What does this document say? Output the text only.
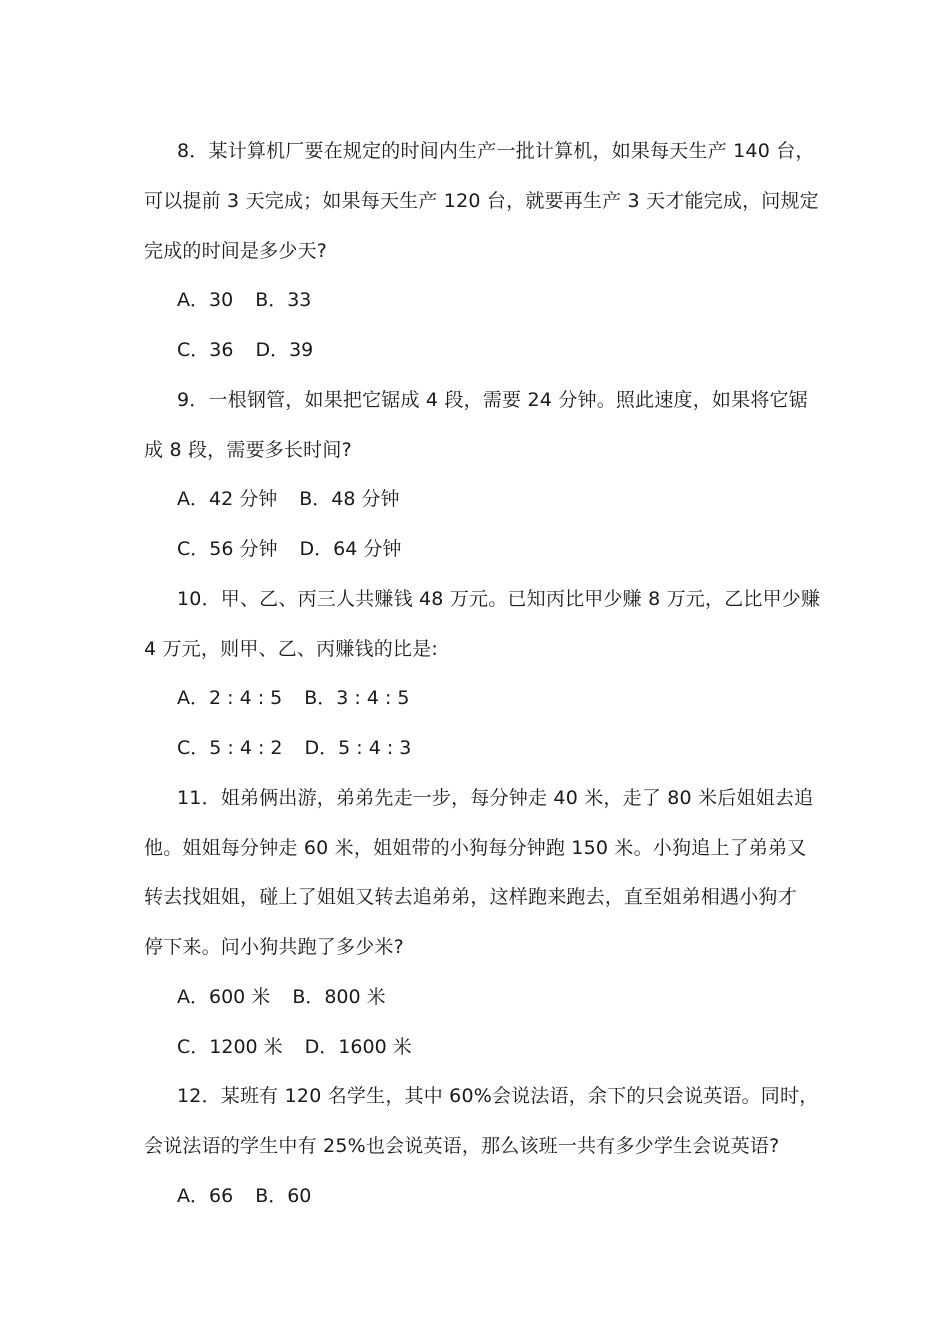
8．某计算机厂要在规定的时间内生产一批计算机，如果每天生产 140 台，
可以提前 3 天完成；如果每天生产 120 台，就要再生产 3 天才能完成，问规定
完成的时间是多少天?
A．30 B．33
C．36 D．39
9．一根钢管，如果把它锯成 4 段，需要 24 分钟。照此速度，如果将它锯
成 8 段，需要多长时间?
A．42 分钟 B．48 分钟
C．56 分钟 D．64 分钟
10．甲、乙、丙三人共赚钱 48 万元。已知丙比甲少赚 8 万元，乙比甲少赚
4 万元，则甲、乙、丙赚钱的比是:
A．2 : 4 : 5 B．3 : 4 : 5
C．5 : 4 : 2 D．5 : 4 : 3
11．姐弟俩出游，弟弟先走一步，每分钟走 40 米，走了 80 米后姐姐去追
他。姐姐每分钟走 60 米，姐姐带的小狗每分钟跑 150 米。小狗追上了弟弟又
转去找姐姐，碰上了姐姐又转去追弟弟，这样跑来跑去，直至姐弟相遇小狗才
停下来。问小狗共跑了多少米?
A．600 米 B．800 米
C．1200 米 D．1600 米
12．某班有 120 名学生，其中 60%会说法语，余下的只会说英语。同时，
会说法语的学生中有 25%也会说英语，那么该班一共有多少学生会说英语?
A．66 B．60
